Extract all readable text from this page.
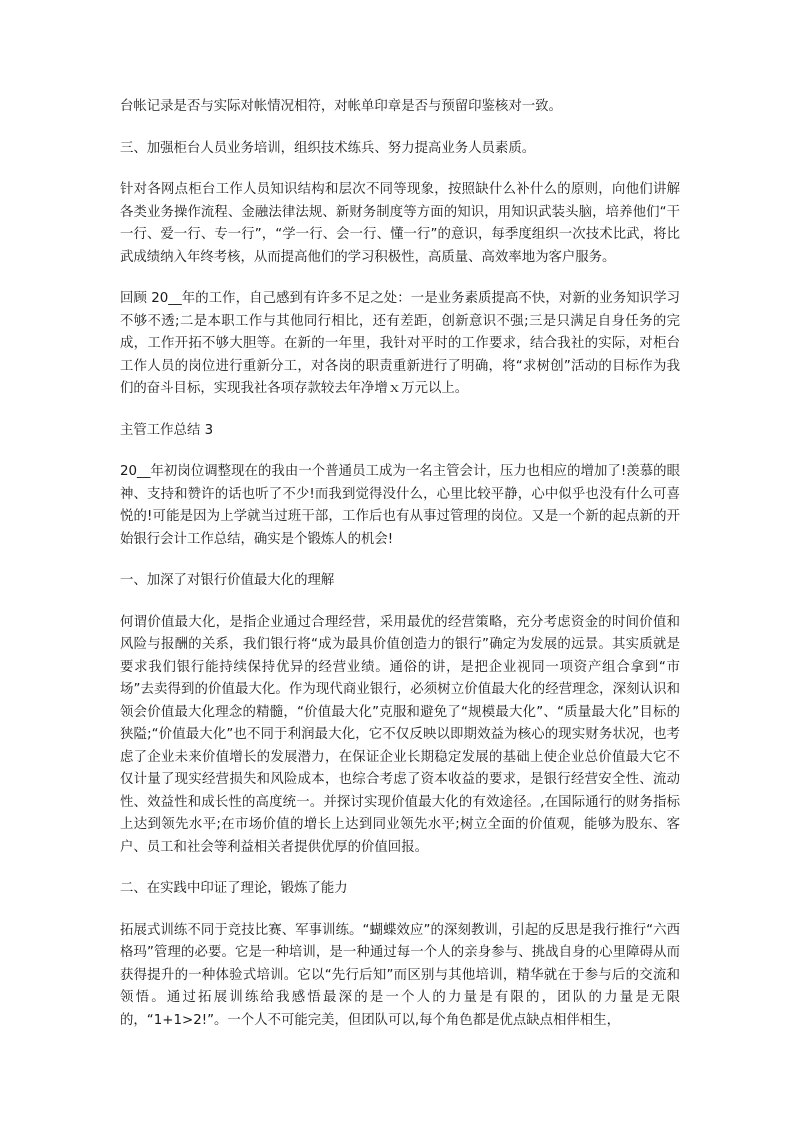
台帐记录是否与实际对帐情况相符，对帐单印章是否与预留印鉴核对一致。

三、加强柜台人员业务培训，组织技术练兵、努力提高业务人员素质。

针对各网点柜台工作人员知识结构和层次不同等现象，按照缺什么补什么的原则，向他们讲解各类业务操作流程、金融法律法规、新财务制度等方面的知识，用知识武装头脑，培养他们“干一行、爱一行、专一行”，“学一行、会一行、懂一行”的意识，每季度组织一次技术比武，将比武成绩纳入年终考核，从而提高他们的学习积极性，高质量、高效率地为客户服务。

回顾 20__年的工作，自己感到有许多不足之处：一是业务素质提高不快，对新的业务知识学习不够不透;二是本职工作与其他同行相比，还有差距，创新意识不强;三是只满足自身任务的完成，工作开拓不够大胆等。在新的一年里，我针对平时的工作要求，结合我社的实际，对柜台工作人员的岗位进行重新分工，对各岗的职责重新进行了明确，将“求树创”活动的目标作为我们的奋斗目标，实现我社各项存款较去年净增ｘ万元以上。

主管工作总结 3

20__年初岗位调整现在的我由一个普通员工成为一名主管会计，压力也相应的增加了!羡慕的眼神、支持和赞许的话也听了不少!而我到觉得没什么，心里比较平静，心中似乎也没有什么可喜悦的!可能是因为上学就当过班干部，工作后也有从事过管理的岗位。又是一个新的起点新的开始银行会计工作总结，确实是个锻炼人的机会!

一、加深了对银行价值最大化的理解

何谓价值最大化，是指企业通过合理经营，采用最优的经营策略，充分考虑资金的时间价值和风险与报酬的关系，我们银行将“成为最具价值创造力的银行”确定为发展的远景。其实质就是要求我们银行能持续保持优异的经营业绩。通俗的讲，是把企业视同一项资产组合拿到“市场”去卖得到的价值最大化。作为现代商业银行，必须树立价值最大化的经营理念，深刻认识和领会价值最大化理念的精髓，“价值最大化”克服和避免了“规模最大化”、“质量最大化”目标的狭隘;“价值最大化”也不同于利润最大化，它不仅反映以即期效益为核心的现实财务状况，也考虑了企业未来价值增长的发展潜力，在保证企业长期稳定发展的基础上使企业总价值最大它不仅计量了现实经营损失和风险成本，也综合考虑了资本收益的要求，是银行经营安全性、流动性、效益性和成长性的高度统一。并探讨实现价值最大化的有效途径。,在国际通行的财务指标上达到领先水平;在市场价值的增长上达到同业领先水平;树立全面的价值观，能够为股东、客户、员工和社会等利益相关者提供优厚的价值回报。

二、在实践中印证了理论，锻炼了能力

拓展式训练不同于竞技比赛、军事训练。“蝴蝶效应”的深刻教训，引起的反思是我行推行“六西格玛”管理的必要。它是一种培训，是一种通过每一个人的亲身参与、挑战自身的心里障碍从而获得提升的一种体验式培训。它以“先行后知”而区别与其他培训，精华就在于参与后的交流和领悟。通过拓展训练给我感悟最深的是一个人的力量是有限的，团队的力量是无限的，“1+1>2!”。一个人不可能完美，但团队可以,每个角色都是优点缺点相伴相生，
